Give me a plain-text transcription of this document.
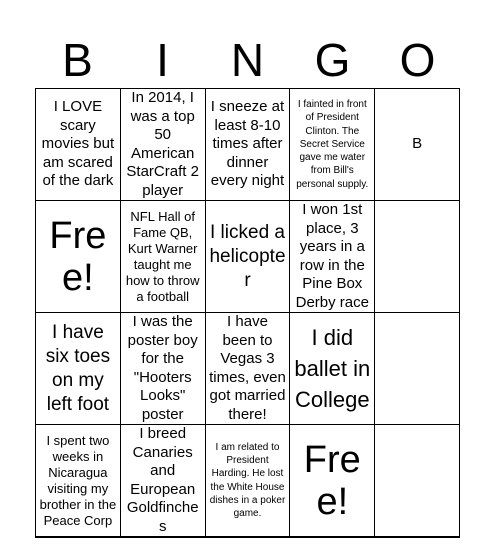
B	I	N	G	O
I LOVE scary movies but am scared of the dark	In 2014, I was a top 50 American StarCraft 2 player	I sneeze at least 8-10 times after dinner every night	I fainted in front of President Clinton. The Secret Service gave me water from Bill's personal supply.	B
Free!	NFL Hall of Fame QB, Kurt Warner taught me how to throw a football	I licked a helicopter	I won 1st place, 3 years in a row in the Pine Box Derby race	
I have six toes on my left foot	I was the poster boy for the "Hooters Looks" poster	I have been to Vegas 3 times, even got married there!	I did ballet in College	
I spent two weeks in Nicaragua visiting my brother in the Peace Corp	I breed Canaries and European Goldfinches	I am related to President Harding. He lost the White House dishes in a poker game.	Free!	
